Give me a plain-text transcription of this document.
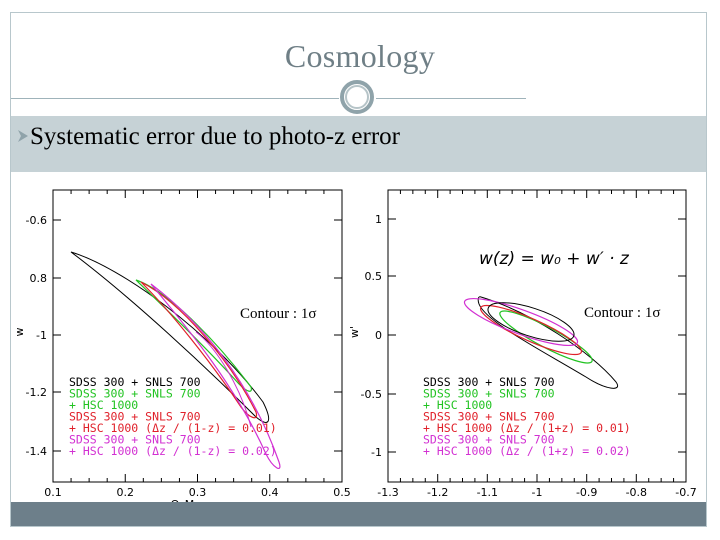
Cosmology
Systematic error due to photo-z error
0.1	0.2	0.3	0.4	0.5
-0.6
0.8
-1
-1.2
-1.4
w
SDSS 300 + SNLS 700
SDSS 300 + SNLS 700
+ HSC 1000
SDSS 300 + SNLS 700
+ HSC 1000 (Δz / (1-z) = 0.01)
SDSS 300 + SNLS 700
+ HSC 1000 (Δz / (1-z) = 0.02)
Contour : 1σ
-1.3	-1.2	-1.1	-1	-0.9	-0.8	-0.7
1
0.5
0
-0.5
-1
w'
w(z) = w₀ + w′ · z
SDSS 300 + SNLS 700
SDSS 300 + SNLS 700
+ HSC 1000
SDSS 300 + SNLS 700
+ HSC 1000 (Δz / (1+z) = 0.01)
SDSS 300 + SNLS 700
+ HSC 1000 (Δz / (1+z) = 0.02)
Contour : 1σ
